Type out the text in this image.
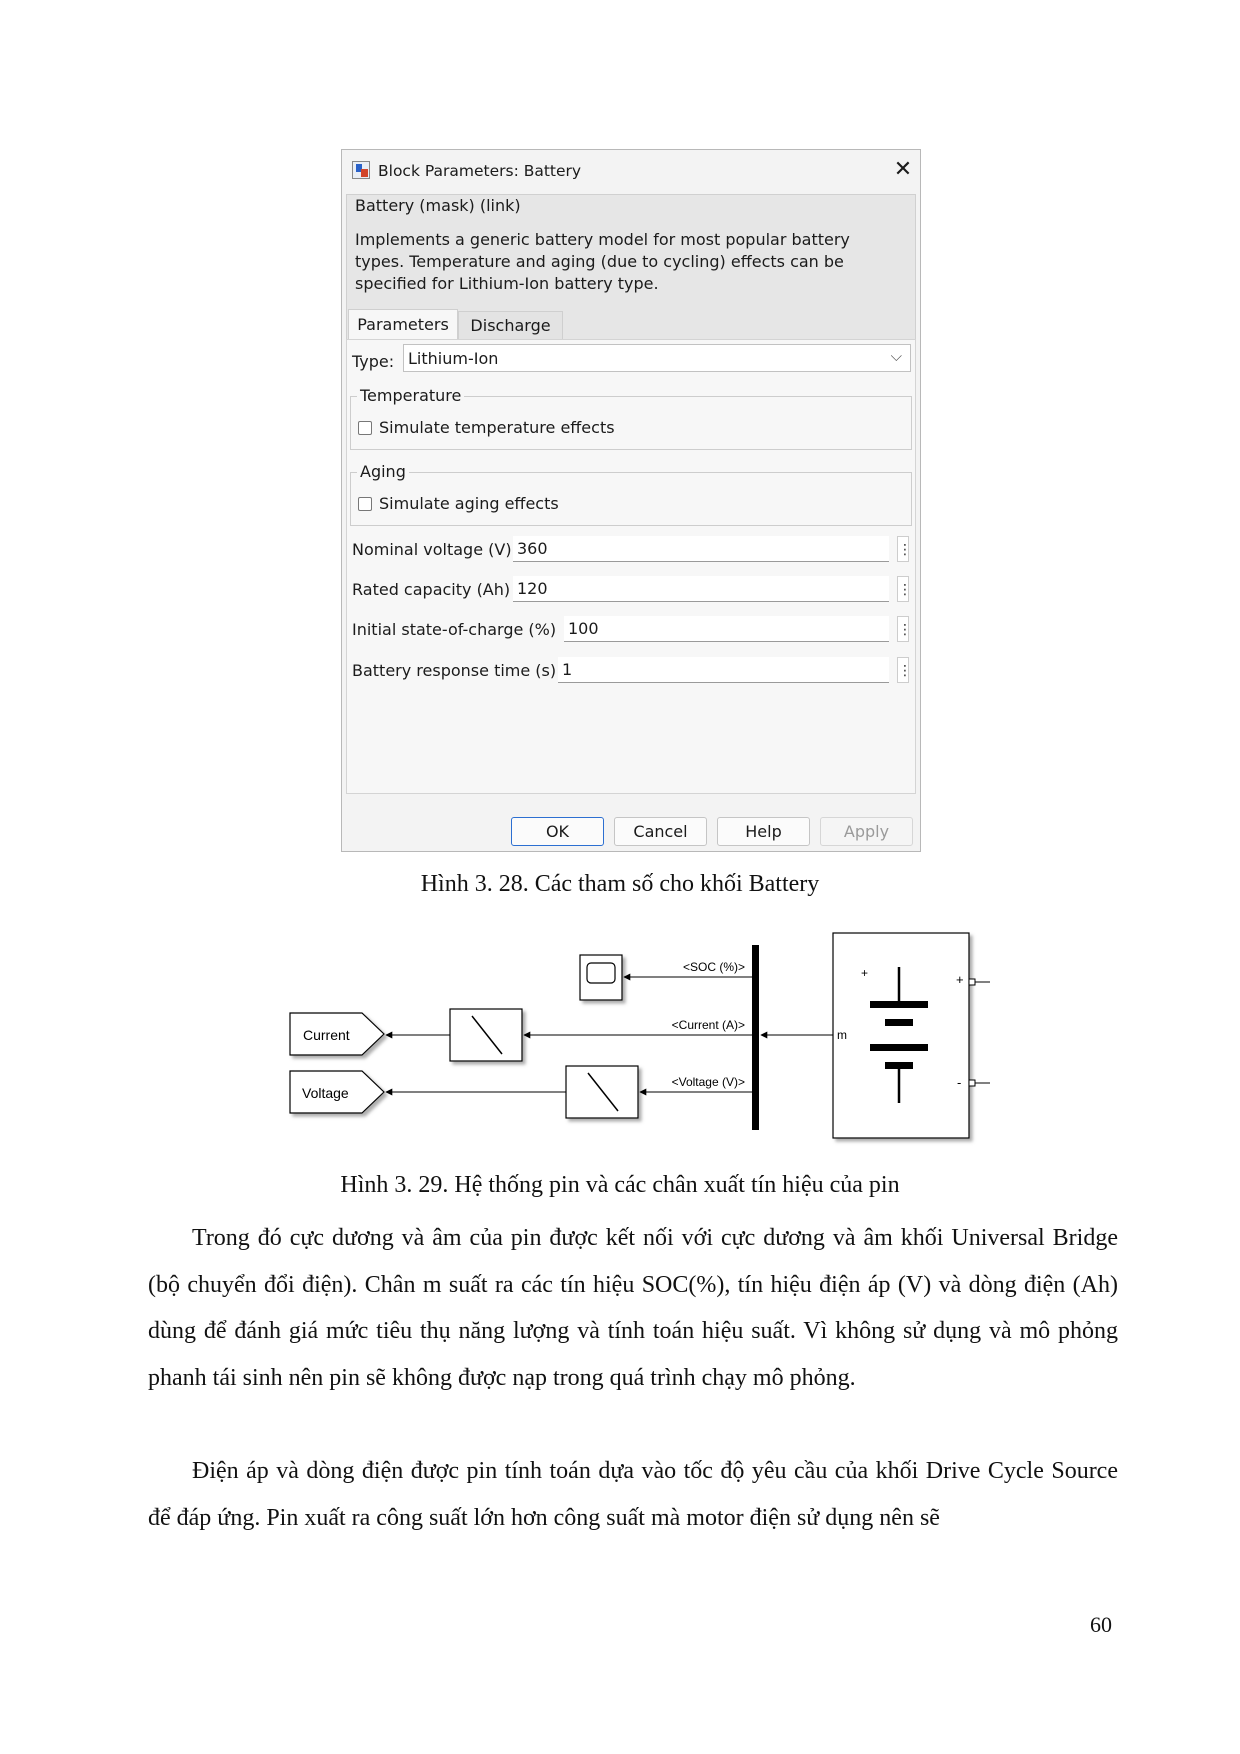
Block Parameters: Battery	✕
Battery (mask) (link)
Implements a generic battery model for most popular battery types. Temperature and aging (due to cycling) effects can be specified for Lithium-Ion battery type.
Parameters	Discharge
Type: Lithium-Ion	⌵
Temperature
Simulate temperature effects
Aging
Simulate aging effects
Nominal voltage (V) 360	⋮
Rated capacity (Ah) 120	⋮
Initial state-of-charge (%) 100	⋮
Battery response time (s) 1	⋮
OK	Cancel	Help	Apply
Hình 3. 28. Các tham số cho khối Battery
Current
Voltage
<SOC (%)>
<Current (A)>
<Voltage (V)>
+
m
+
-
Hình 3. 29. Hệ thống pin và các chân xuất tín hiệu của pin

Trong đó cực dương và âm của pin được kết nối với cực dương và âm khối Universal Bridge (bộ chuyển đổi điện). Chân m suất ra các tín hiệu SOC(%), tín hiệu điện áp (V) và dòng điện (Ah) dùng để đánh giá mức tiêu thụ năng lượng và tính toán hiệu suất. Vì không sử dụng và mô phỏng phanh tái sinh nên pin sẽ không được nạp trong quá trình chạy mô phỏng.

Điện áp và dòng điện được pin tính toán dựa vào tốc độ yêu cầu của khối Drive Cycle Source để đáp ứng. Pin xuất ra công suất lớn hơn công suất mà motor điện sử dụng nên sẽ

60
